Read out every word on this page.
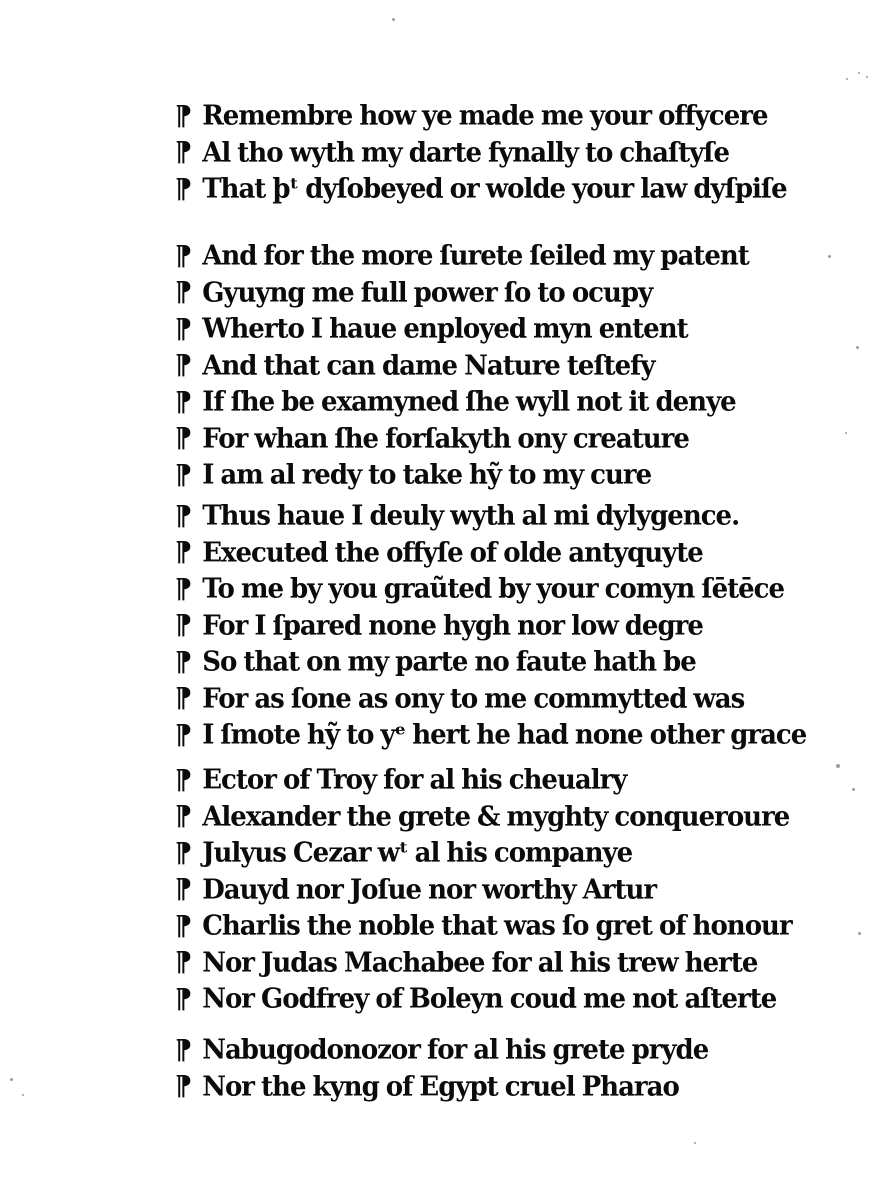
¶ Remembre how ye made me your offycere
¶ Al tho wyth my darte fynally to chaſtyſe
¶ That þᵗ dyſobeyed or wolde your law dyſpiſe
¶ And for the more ſurete ſeiled my patent
¶ Gyuyng me full power ſo to ocupy
¶ Wherto I haue enployed myn entent
¶ And that can dame Nature teſtefy
¶ If ſhe be examyned ſhe wyll not it denye
¶ For whan ſhe forſakyth ony creature
¶ I am al redy to take hỹ to my cure
¶ Thus haue I deuly wyth al mi dylygence.
¶ Executed the offyſe of olde antyquyte
¶ To me by you graũted by your comyn ſētēce
¶ For I ſpared none hygh nor low degre
¶ So that on my parte no faute hath be
¶ For as ſone as ony to me commytted was
¶ I ſmote hỹ to yᵉ hert he had none other grace
¶ Ector of Troy for al his cheualry
¶ Alexander the grete & myghty conqueroure
¶ Julyus Cezar wᵗ al his companye
¶ Dauyd nor Joſue nor worthy Artur
¶ Charlis the noble that was ſo gret of honour
¶ Nor Judas Machabee for al his trew herte
¶ Nor Godfrey of Boleyn coud me not aſterte
¶ Nabugodonozor for al his grete pryde
¶ Nor the kyng of Egypt cruel Pharao
